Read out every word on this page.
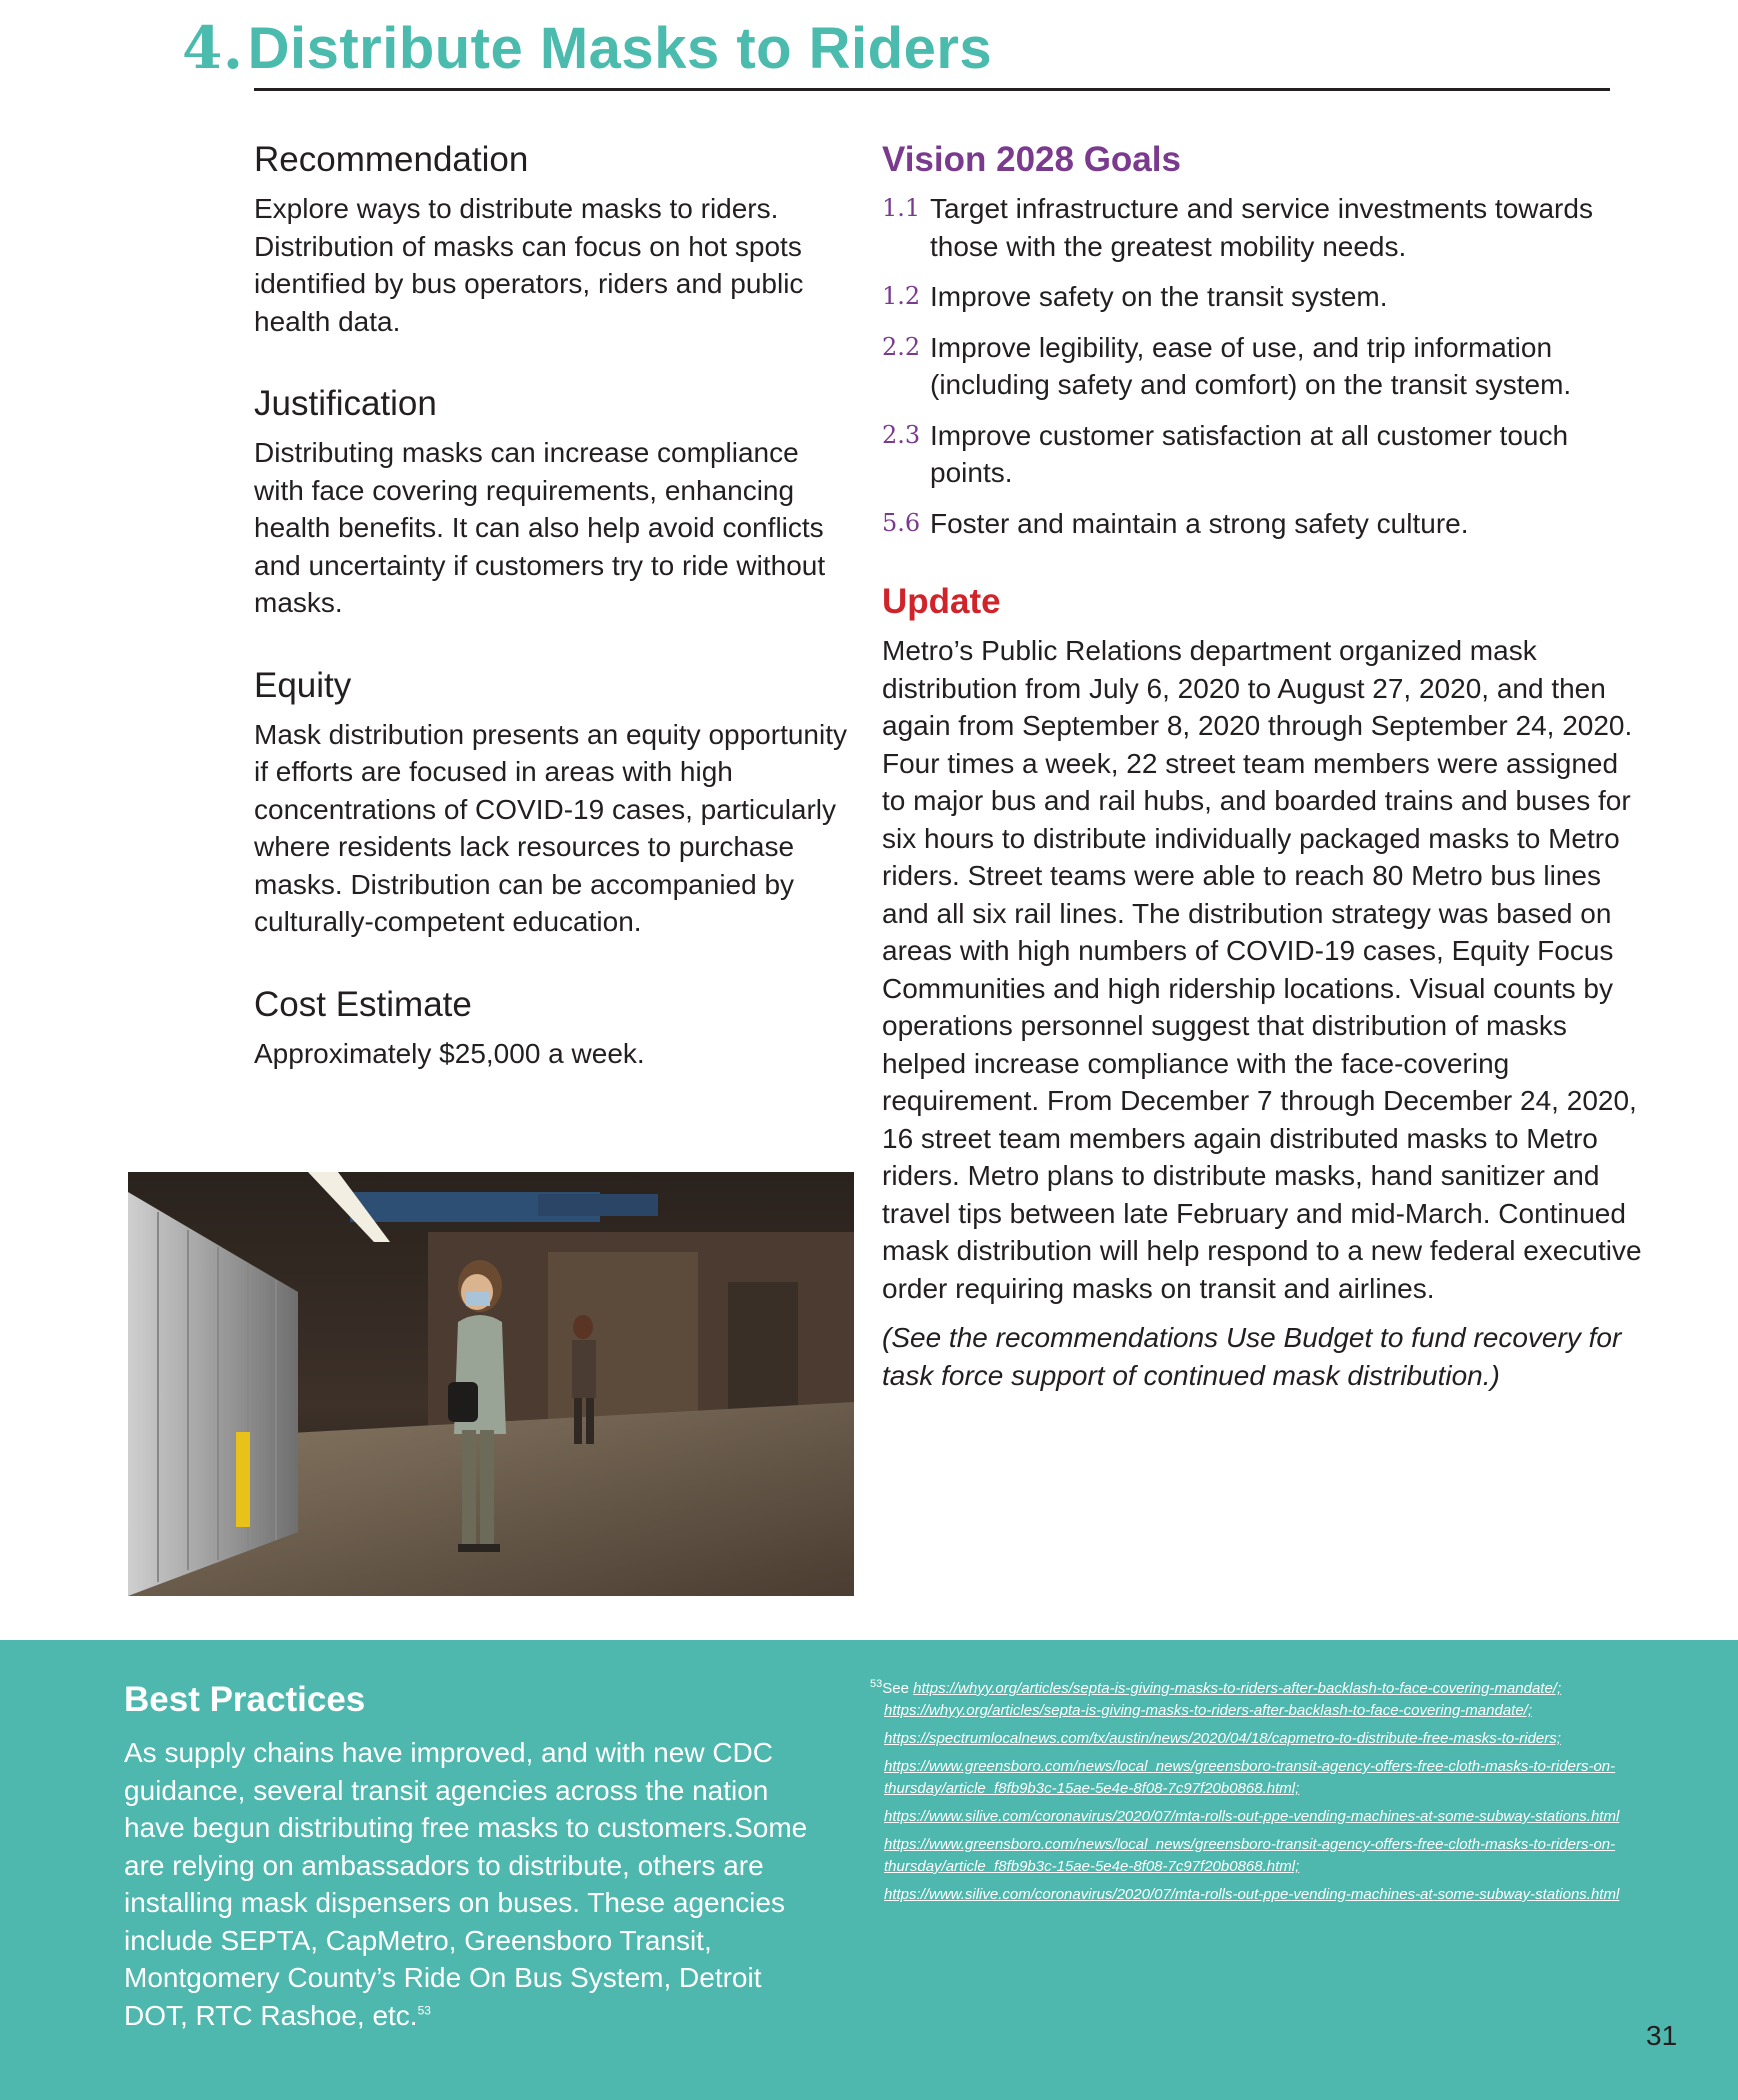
4.Distribute Masks to Riders
Recommendation

Explore ways to distribute masks to riders. Distribution of masks can focus on hot spots identified by bus operators, riders and public health data.

Justification

Distributing masks can increase compliance with face covering requirements, enhancing health benefits. It can also help avoid conflicts and uncertainty if customers try to ride without masks.

Equity

Mask distribution presents an equity opportunity if efforts are focused in areas with high concentrations of COVID-19 cases, particularly where residents lack resources to purchase masks. Distribution can be accompanied by culturally-competent education.

Cost Estimate

Approximately $25,000 a week.

Vision 2028 Goals
1.1 Target infrastructure and service investments towards those with the greatest mobility needs.
1.2 Improve safety on the transit system.
2.2 Improve legibility, ease of use, and trip information (including safety and comfort) on the transit system.
2.3 Improve customer satisfaction at all customer touch points.
5.6 Foster and maintain a strong safety culture.
Update

Metro’s Public Relations department organized mask distribution from July 6, 2020 to August 27, 2020, and then again from September 8, 2020 through September 24, 2020. Four times a week, 22 street team members were assigned to major bus and rail hubs, and boarded trains and buses for six hours to distribute individually packaged masks to Metro riders. Street teams were able to reach 80 Metro bus lines and all six rail lines. The distribution strategy was based on areas with high numbers of COVID-19 cases, Equity Focus Communities and high ridership locations. Visual counts by operations personnel suggest that distribution of masks helped increase compliance with the face-covering requirement. From December 7 through December 24, 2020, 16 street team members again distributed masks to Metro riders. Metro plans to distribute masks, hand sanitizer and travel tips between late February and mid-March. Continued mask distribution will help respond to a new federal executive order requiring masks on transit and airlines.

(See the recommendations Use Budget to fund recovery for task force support of continued mask distribution.)

Best Practices

As supply chains have improved, and with new CDC guidance, several transit agencies across the nation have begun distributing free masks to customers.Some are relying on ambassadors to distribute, others are installing mask dispensers on buses. These agencies include SEPTA, CapMetro, Greensboro Transit, Montgomery County’s Ride On Bus System, Detroit DOT, RTC Rashoe, etc.$^{53}$

$^{53}$See https://whyy.org/articles/septa-is-giving-masks-to-riders-after-backlash-to-face-covering-mandate/;
https://whyy.org/articles/septa-is-giving-masks-to-riders-after-backlash-to-face-covering-mandate/;
https://spectrumlocalnews.com/tx/austin/news/2020/04/18/capmetro-to-distribute-free-masks-to-riders;
https://www.greensboro.com/news/local_news/greensboro-transit-agency-offers-free-cloth-masks-to-riders-on-thursday/article_f8fb9b3c-15ae-5e4e-8f08-7c97f20b0868.html;
https://www.silive.com/coronavirus/2020/07/mta-rolls-out-ppe-vending-machines-at-some-subway-stations.html
https://www.greensboro.com/news/local_news/greensboro-transit-agency-offers-free-cloth-masks-to-riders-on-thursday/article_f8fb9b3c-15ae-5e4e-8f08-7c97f20b0868.html;
https://www.silive.com/coronavirus/2020/07/mta-rolls-out-ppe-vending-machines-at-some-subway-stations.html
31
